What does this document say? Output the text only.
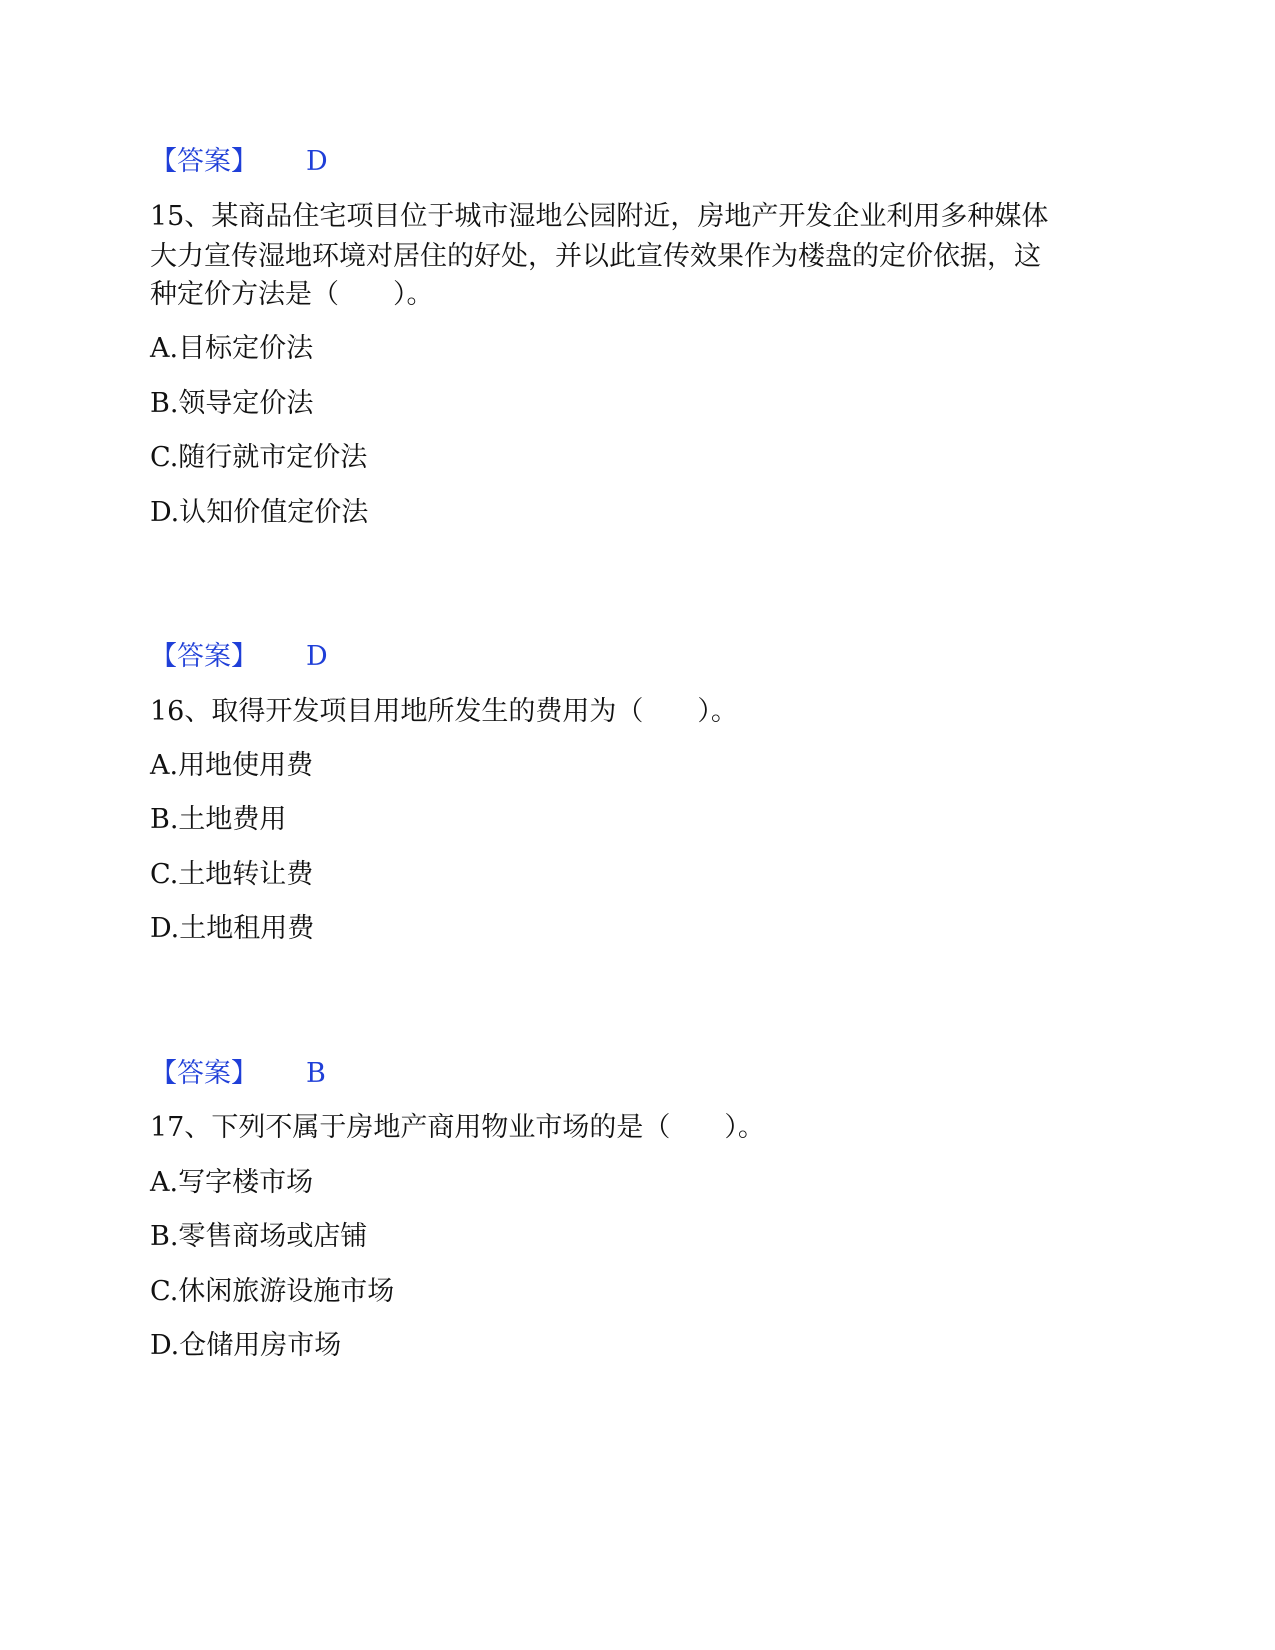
【答案】 D
15、某商品住宅项目位于城市湿地公园附近，房地产开发企业利用多种媒体
大力宣传湿地环境对居住的好处，并以此宣传效果作为楼盘的定价依据，这
种定价方法是（　　）。
A.目标定价法
B.领导定价法
C.随行就市定价法
D.认知价值定价法
【答案】 D
16、取得开发项目用地所发生的费用为（　　）。
A.用地使用费
B.土地费用
C.土地转让费
D.土地租用费
【答案】 B
17、下列不属于房地产商用物业市场的是（　　）。
A.写字楼市场
B.零售商场或店铺
C.休闲旅游设施市场
D.仓储用房市场
